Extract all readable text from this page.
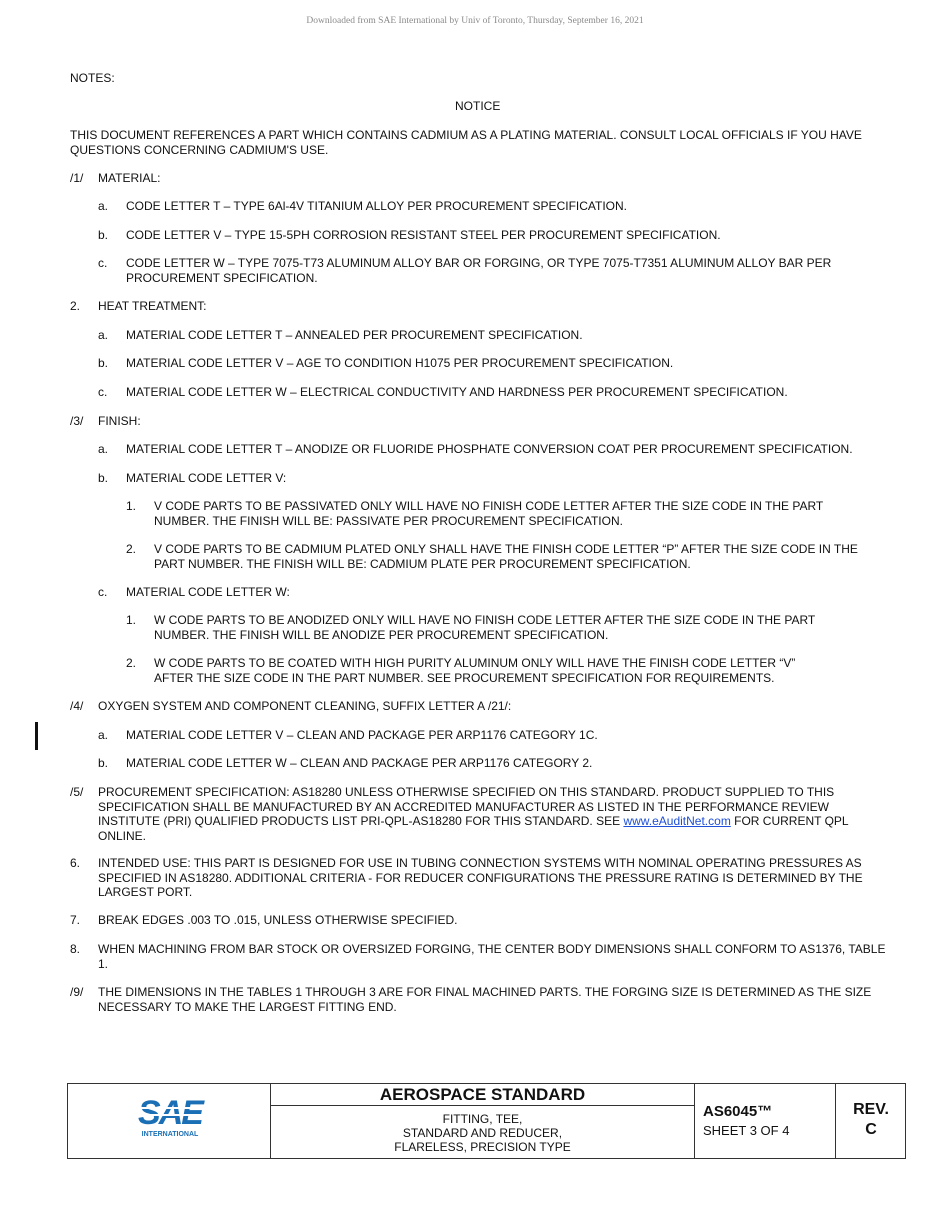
Downloaded from SAE International by Univ of Toronto, Thursday, September 16, 2021
NOTES:
NOTICE
THIS DOCUMENT REFERENCES A PART WHICH CONTAINS CADMIUM AS A PLATING MATERIAL. CONSULT LOCAL OFFICIALS IF YOU HAVE QUESTIONS CONCERNING CADMIUM'S USE.
/1/ MATERIAL:
a. CODE LETTER T – TYPE 6Al-4V TITANIUM ALLOY PER PROCUREMENT SPECIFICATION.
b. CODE LETTER V – TYPE 15-5PH CORROSION RESISTANT STEEL PER PROCUREMENT SPECIFICATION.
c. CODE LETTER W – TYPE 7075-T73 ALUMINUM ALLOY BAR OR FORGING, OR TYPE 7075-T7351 ALUMINUM ALLOY BAR PER PROCUREMENT SPECIFICATION.
2. HEAT TREATMENT:
a. MATERIAL CODE LETTER T – ANNEALED PER PROCUREMENT SPECIFICATION.
b. MATERIAL CODE LETTER V – AGE TO CONDITION H1075 PER PROCUREMENT SPECIFICATION.
c. MATERIAL CODE LETTER W – ELECTRICAL CONDUCTIVITY AND HARDNESS PER PROCUREMENT SPECIFICATION.
/3/ FINISH:
a. MATERIAL CODE LETTER T – ANODIZE OR FLUORIDE PHOSPHATE CONVERSION COAT PER PROCUREMENT SPECIFICATION.
b. MATERIAL CODE LETTER V:
1. V CODE PARTS TO BE PASSIVATED ONLY WILL HAVE NO FINISH CODE LETTER AFTER THE SIZE CODE IN THE PART NUMBER. THE FINISH WILL BE: PASSIVATE PER PROCUREMENT SPECIFICATION.
2. V CODE PARTS TO BE CADMIUM PLATED ONLY SHALL HAVE THE FINISH CODE LETTER “P” AFTER THE SIZE CODE IN THE PART NUMBER. THE FINISH WILL BE: CADMIUM PLATE PER PROCUREMENT SPECIFICATION.
c. MATERIAL CODE LETTER W:
1. W CODE PARTS TO BE ANODIZED ONLY WILL HAVE NO FINISH CODE LETTER AFTER THE SIZE CODE IN THE PART NUMBER. THE FINISH WILL BE ANODIZE PER PROCUREMENT SPECIFICATION.
2. W CODE PARTS TO BE COATED WITH HIGH PURITY ALUMINUM ONLY WILL HAVE THE FINISH CODE LETTER “V” AFTER THE SIZE CODE IN THE PART NUMBER. SEE PROCUREMENT SPECIFICATION FOR REQUIREMENTS.
/4/ OXYGEN SYSTEM AND COMPONENT CLEANING, SUFFIX LETTER A /21/:
a. MATERIAL CODE LETTER V – CLEAN AND PACKAGE PER ARP1176 CATEGORY 1C.
b. MATERIAL CODE LETTER W – CLEAN AND PACKAGE PER ARP1176 CATEGORY 2.
/5/ PROCUREMENT SPECIFICATION: AS18280 UNLESS OTHERWISE SPECIFIED ON THIS STANDARD. PRODUCT SUPPLIED TO THIS SPECIFICATION SHALL BE MANUFACTURED BY AN ACCREDITED MANUFACTURER AS LISTED IN THE PERFORMANCE REVIEW INSTITUTE (PRI) QUALIFIED PRODUCTS LIST PRI-QPL-AS18280 FOR THIS STANDARD. SEE www.eAuditNet.com FOR CURRENT QPL ONLINE.
6. INTENDED USE: THIS PART IS DESIGNED FOR USE IN TUBING CONNECTION SYSTEMS WITH NOMINAL OPERATING PRESSURES AS SPECIFIED IN AS18280. ADDITIONAL CRITERIA - FOR REDUCER CONFIGURATIONS THE PRESSURE RATING IS DETERMINED BY THE LARGEST PORT.
7. BREAK EDGES .003 TO .015, UNLESS OTHERWISE SPECIFIED.
8. WHEN MACHINING FROM BAR STOCK OR OVERSIZED FORGING, THE CENTER BODY DIMENSIONS SHALL CONFORM TO AS1376, TABLE 1.
/9/ THE DIMENSIONS IN THE TABLES 1 THROUGH 3 ARE FOR FINAL MACHINED PARTS. THE FORGING SIZE IS DETERMINED AS THE SIZE NECESSARY TO MAKE THE LARGEST FITTING END.
SAE
INTERNATIONAL
AEROSPACE STANDARD
FITTING, TEE,
STANDARD AND REDUCER,
FLARELESS, PRECISION TYPE
AS6045™
SHEET 3 OF 4
REV.
C
